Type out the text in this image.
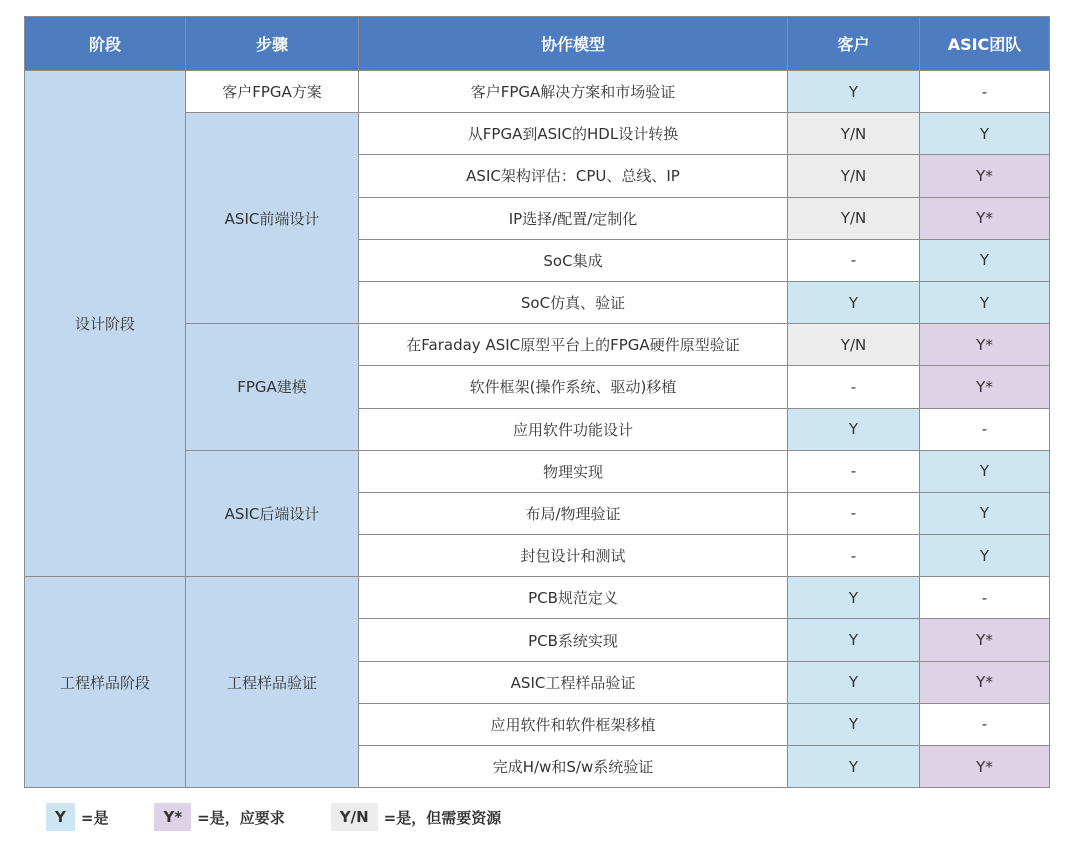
阶段	步骤	协作模型	客户	ASIC团队
设计阶段	客户FPGA方案	客户FPGA解决方案和市场验证	Y	-
	ASIC前端设计	从FPGA到ASIC的HDL设计转换	Y/N	Y
		ASIC架构评估：CPU、总线、IP	Y/N	Y*
		IP选择/配置/定制化	Y/N	Y*
		SoC集成	-	Y
		SoC仿真、验证	Y	Y
	FPGA建模	在Faraday ASIC原型平台上的FPGA硬件原型验证	Y/N	Y*
		软件框架(操作系统、驱动)移植	-	Y*
		应用软件功能设计	Y	-
	ASIC后端设计	物理实现	-	Y
		布局/物理验证	-	Y
		封包设计和测试	-	Y
工程样品阶段	工程样品验证	PCB规范定义	Y	-
		PCB系统实现	Y	Y*
		ASIC工程样品验证	Y	Y*
		应用软件和软件框架移植	Y	-
		完成H/w和S/w系统验证	Y	Y*
Y	=是	Y*	=是，应要求	Y/N	=是，但需要资源
